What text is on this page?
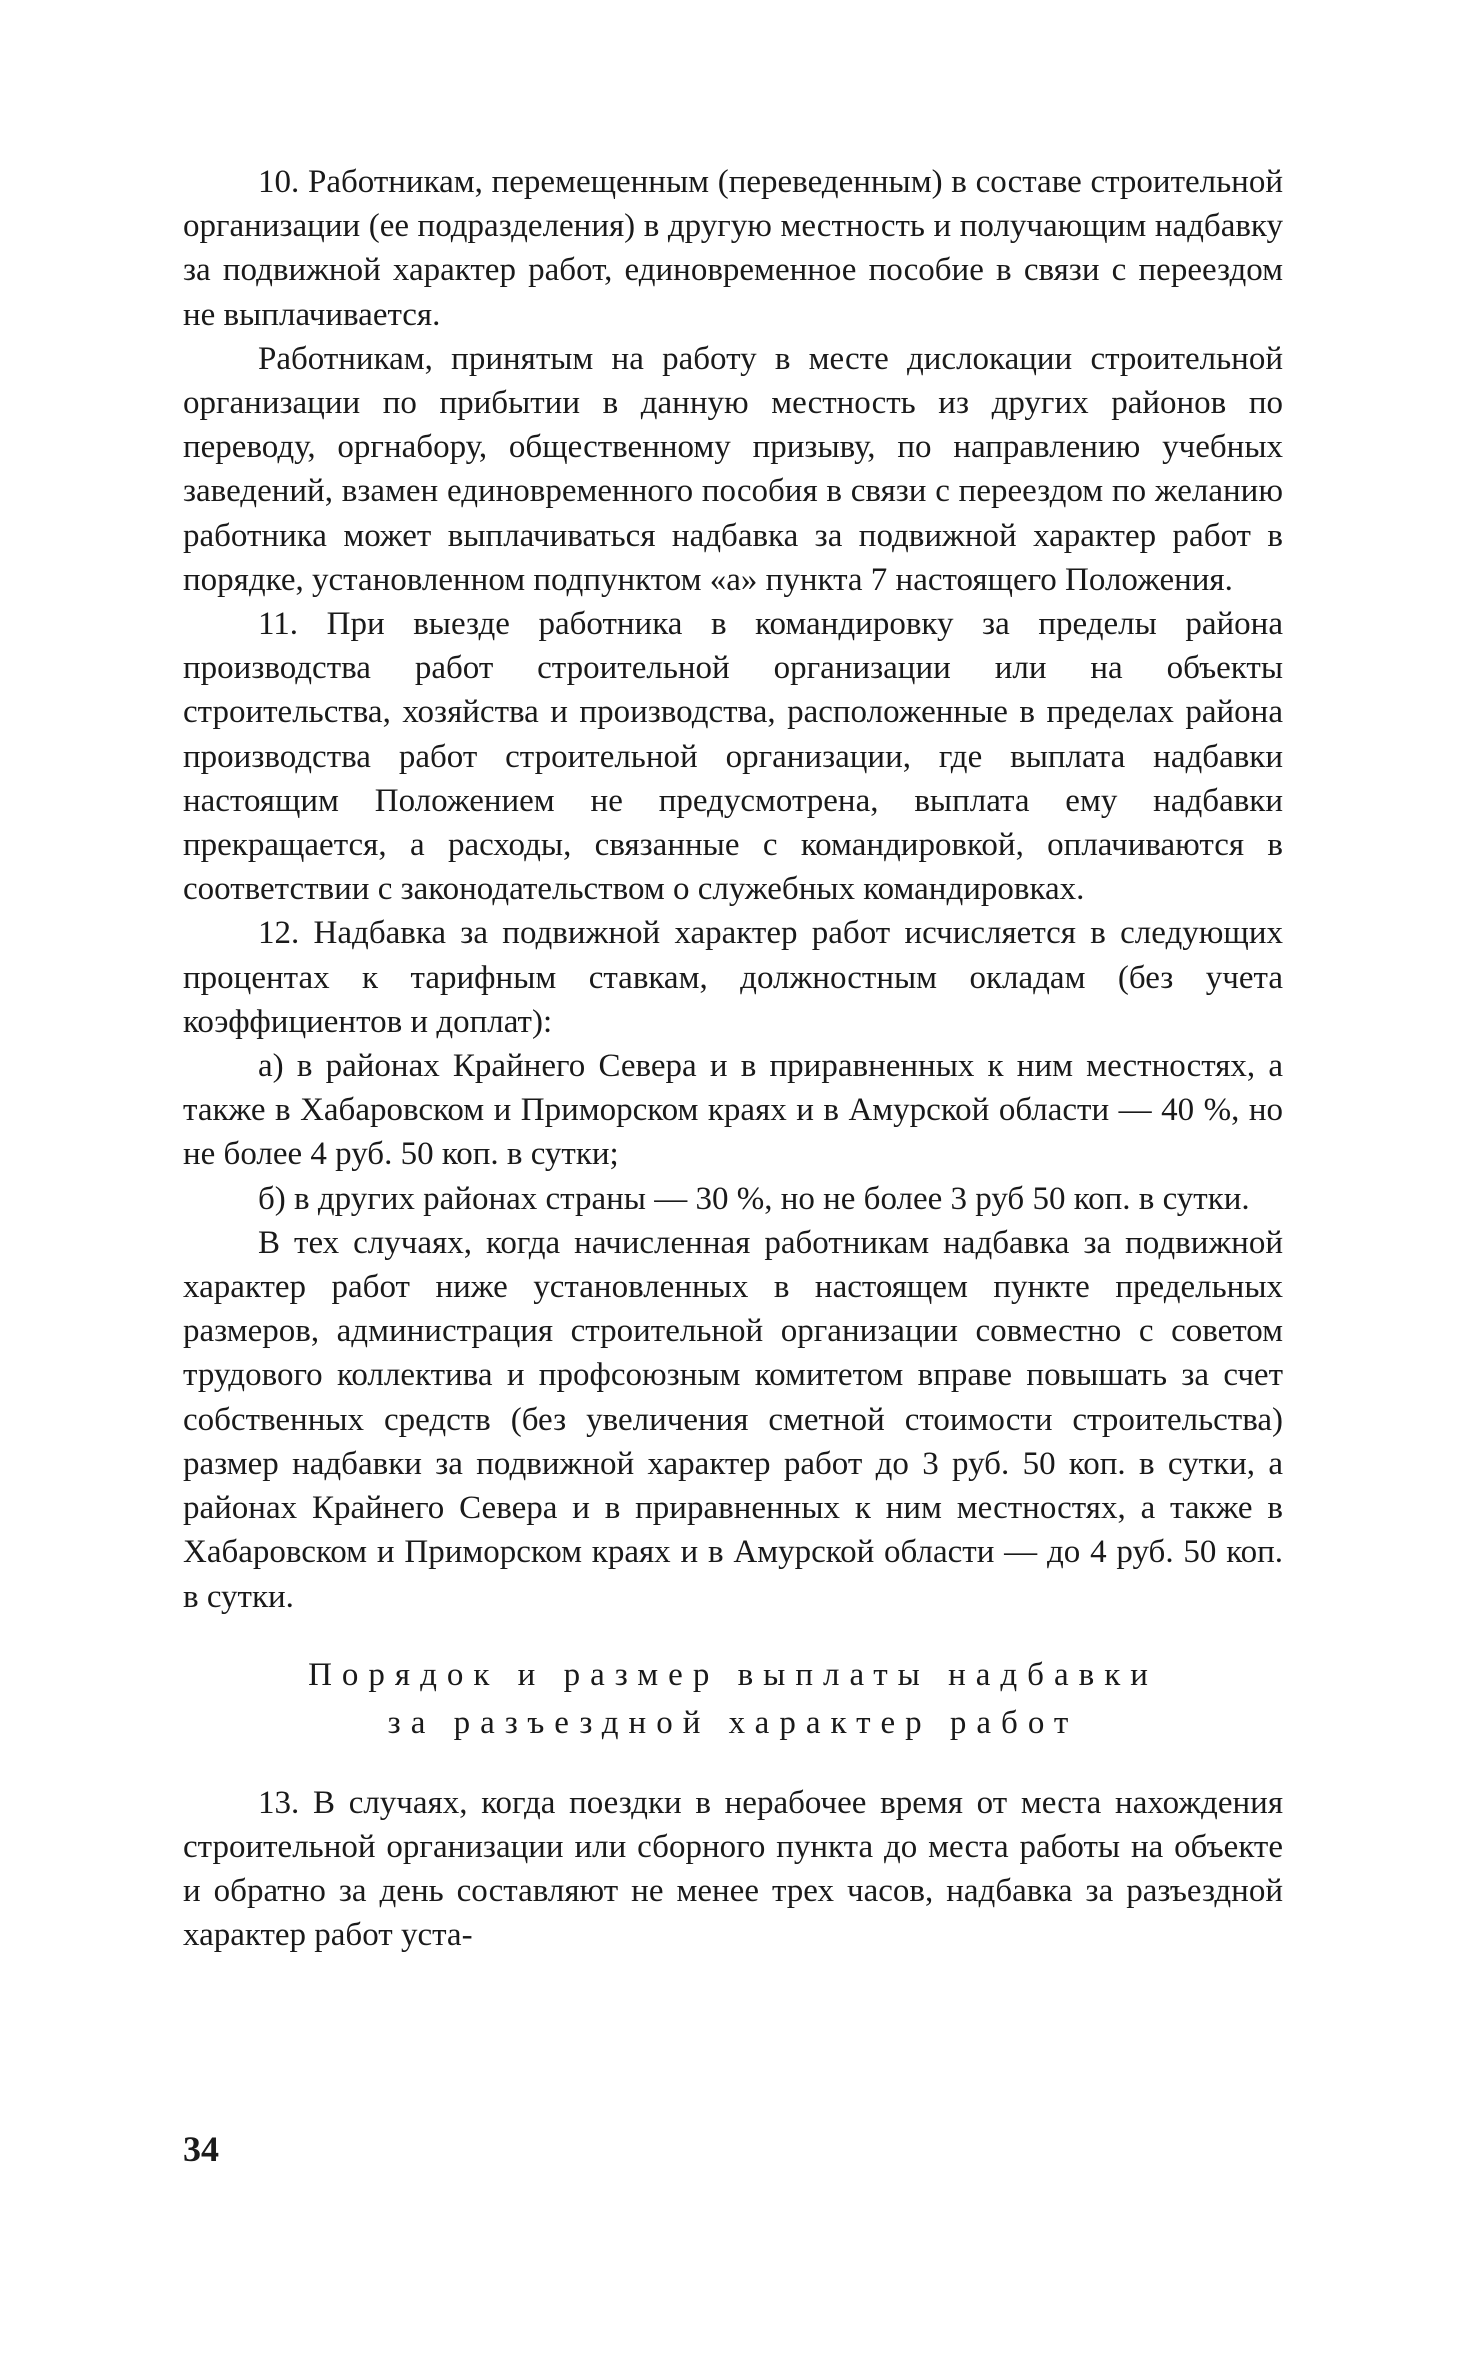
10. Работникам, перемещенным (переведенным) в составе строительной организации (ее подразделения) в другую местность и получающим надбавку за подвижной характер работ, единовременное пособие в связи с переездом не выплачивается.

Работникам, принятым на работу в месте дислокации строительной организации по прибытии в данную местность из других районов по переводу, оргнабору, общественному призыву, по направлению учебных заведений, взамен единовременного пособия в связи с переездом по желанию работника может выплачиваться надбавка за подвижной характер работ в порядке, установленном подпунктом «а» пункта 7 настоящего Положения.

11. При выезде работника в командировку за пределы района производства работ строительной организации или на объекты строительства, хозяйства и производства, расположенные в пределах района производства работ строительной организации, где выплата надбавки настоящим Положением не предусмотрена, выплата ему надбавки прекращается, а расходы, связанные с командировкой, оплачиваются в соответствии с законодательством о служебных командировках.

12. Надбавка за подвижной характер работ исчисляется в следующих процентах к тарифным ставкам, должностным окладам (без учета коэффициентов и доплат):

а) в районах Крайнего Севера и в приравненных к ним местностях, а также в Хабаровском и Приморском краях и в Амурской области — 40 %, но не более 4 руб. 50 коп. в сутки;

б) в других районах страны — 30 %, но не более 3 руб 50 коп. в сутки.

В тех случаях, когда начисленная работникам надбавка за подвижной характер работ ниже установленных в настоящем пункте предельных размеров, администрация строительной организации совместно с советом трудового коллектива и профсоюзным комитетом вправе повышать за счет собственных средств (без увеличения сметной стоимости строительства) размер надбавки за подвижной характер работ до 3 руб. 50 коп. в сутки, а районах Крайнего Севера и в приравненных к ним местностях, а также в Хабаровском и Приморском краях и в Амурской области — до 4 руб. 50 коп. в сутки.

Порядок и размер выплаты надбавки
за разъездной характер работ

13. В случаях, когда поездки в нерабочее время от места нахождения строительной организации или сборного пункта до места работы на объекте и обратно за день составляют не менее трех часов, надбавка за разъездной характер работ уста-

34
